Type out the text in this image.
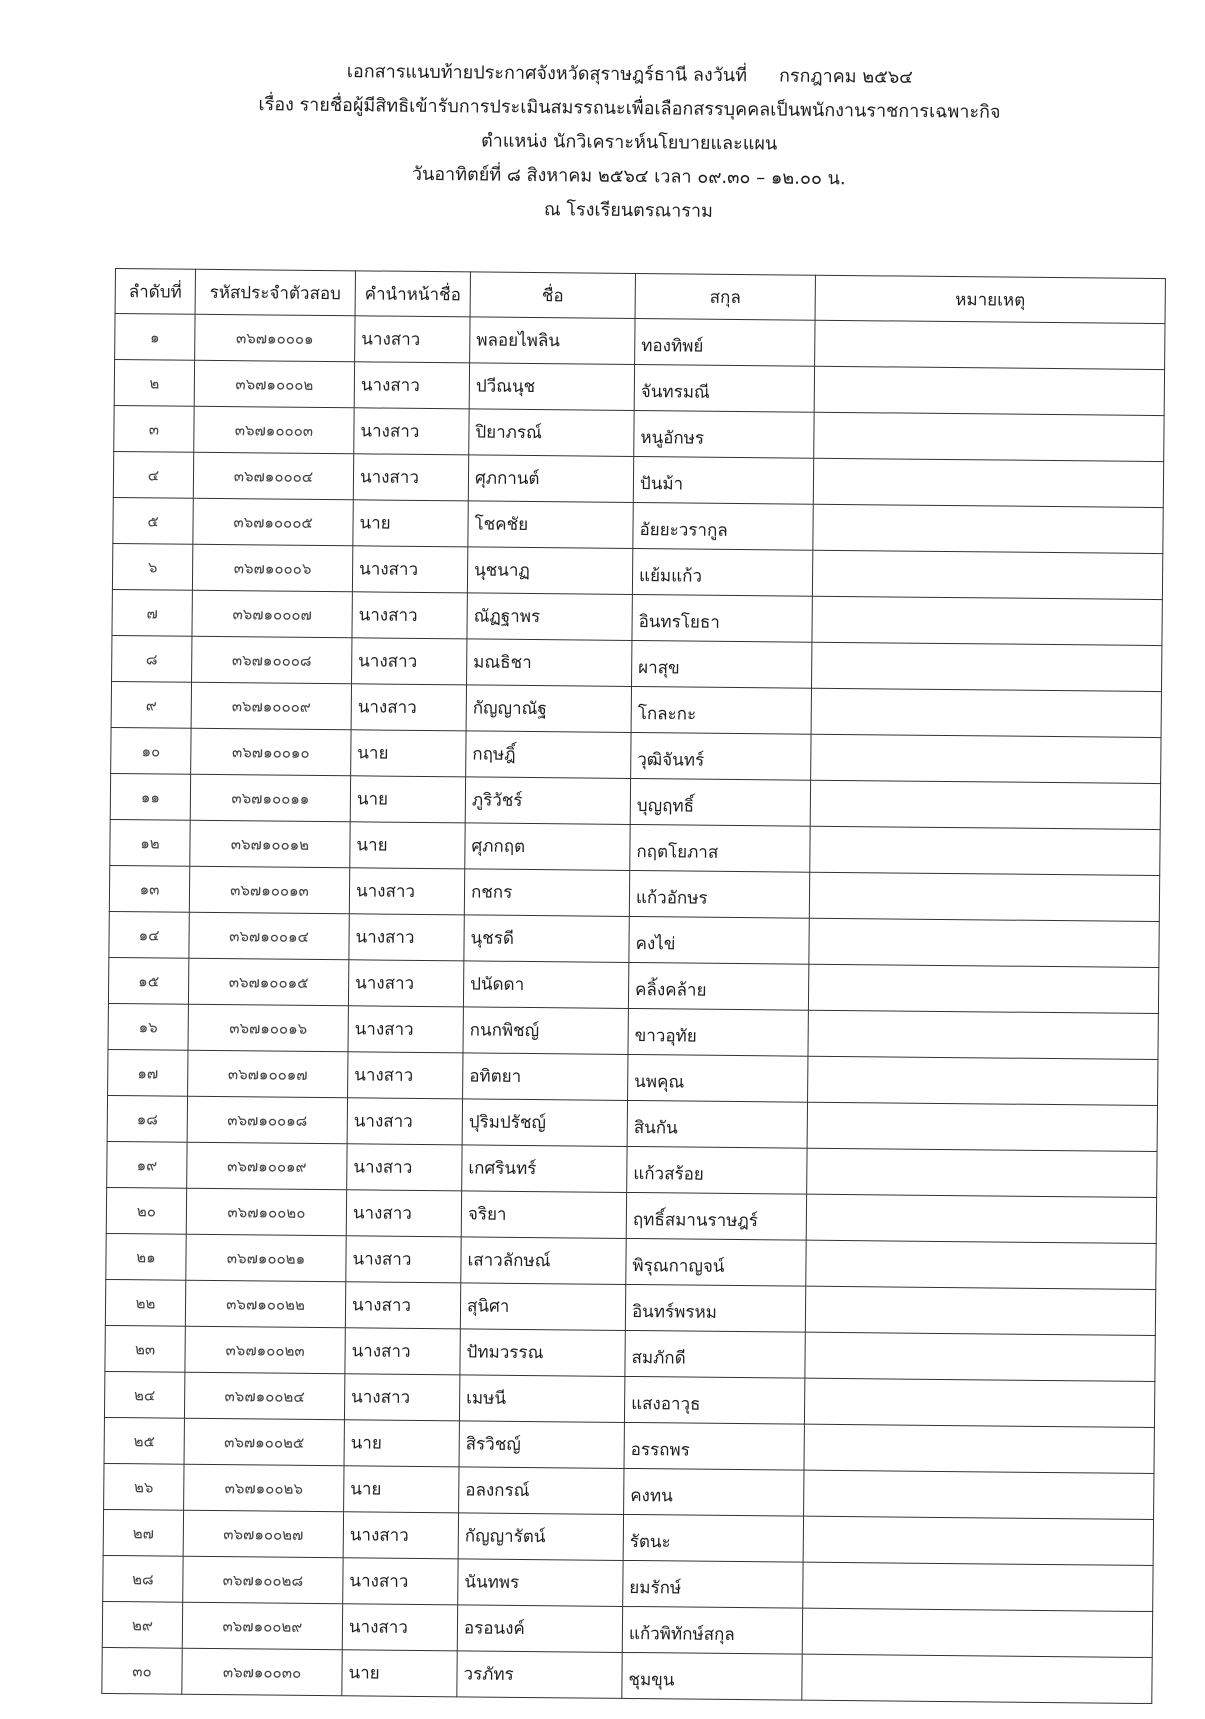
เอกสารแนบท้ายประกาศจังหวัดสุราษฎร์ธานี ลงวันที่ กรกฎาคม ๒๕๖๔
เรื่อง รายชื่อผู้มีสิทธิเข้ารับการประเมินสมรรถนะเพื่อเลือกสรรบุคคลเป็นพนักงานราชการเฉพาะกิจ
ตำแหน่ง นักวิเคราะห์นโยบายและแผน
วันอาทิตย์ที่ ๘ สิงหาคม ๒๕๖๔ เวลา ๐๙.๓๐ – ๑๒.๐๐ น.
ณ โรงเรียนตรณาราม
ลำดับที่	รหัสประจำตัวสอบ	คำนำหน้าชื่อ	ชื่อ	สกุล	หมายเหตุ
๑	๓๖๗๑๐๐๐๑	นางสาว	พลอยไพลิน	ทองทิพย์	
๒	๓๖๗๑๐๐๐๒	นางสาว	ปวีณนุช	จันทรมณี	
๓	๓๖๗๑๐๐๐๓	นางสาว	ปิยาภรณ์	หนูอักษร	
๔	๓๖๗๑๐๐๐๔	นางสาว	ศุภกานต์	ปันม้า	
๕	๓๖๗๑๐๐๐๕	นาย	โชคชัย	อัยยะวรากูล	
๖	๓๖๗๑๐๐๐๖	นางสาว	นุชนาฏ	แย้มแก้ว	
๗	๓๖๗๑๐๐๐๗	นางสาว	ณัฏฐาพร	อินทรโยธา	
๘	๓๖๗๑๐๐๐๘	นางสาว	มณธิชา	ผาสุข	
๙	๓๖๗๑๐๐๐๙	นางสาว	กัญญาณัฐ	โกละกะ	
๑๐	๓๖๗๑๐๐๑๐	นาย	กฤษฎิ์	วุฒิจันทร์	
๑๑	๓๖๗๑๐๐๑๑	นาย	ภูริวัชร์	บุญฤทธิ์	
๑๒	๓๖๗๑๐๐๑๒	นาย	ศุภกฤต	กฤตโยภาส	
๑๓	๓๖๗๑๐๐๑๓	นางสาว	กชกร	แก้วอักษร	
๑๔	๓๖๗๑๐๐๑๔	นางสาว	นุชรดี	คงไข่	
๑๕	๓๖๗๑๐๐๑๕	นางสาว	ปนัดดา	คลิ้งคล้าย	
๑๖	๓๖๗๑๐๐๑๖	นางสาว	กนกพิชญ์	ขาวอุทัย	
๑๗	๓๖๗๑๐๐๑๗	นางสาว	อทิตยา	นพคุณ	
๑๘	๓๖๗๑๐๐๑๘	นางสาว	ปุริมปรัชญ์	สินกัน	
๑๙	๓๖๗๑๐๐๑๙	นางสาว	เกศรินทร์	แก้วสร้อย	
๒๐	๓๖๗๑๐๐๒๐	นางสาว	จริยา	ฤทธิ์สมานราษฎร์	
๒๑	๓๖๗๑๐๐๒๑	นางสาว	เสาวลักษณ์	พิรุณกาญจน์	
๒๒	๓๖๗๑๐๐๒๒	นางสาว	สุนิศา	อินทร์พรหม	
๒๓	๓๖๗๑๐๐๒๓	นางสาว	ปัทมวรรณ	สมภักดี	
๒๔	๓๖๗๑๐๐๒๔	นางสาว	เมษนี	แสงอาวุธ	
๒๕	๓๖๗๑๐๐๒๕	นาย	สิรวิชญ์	อรรถพร	
๒๖	๓๖๗๑๐๐๒๖	นาย	อลงกรณ์	คงทน	
๒๗	๓๖๗๑๐๐๒๗	นางสาว	กัญญารัตน์	รัตนะ	
๒๘	๓๖๗๑๐๐๒๘	นางสาว	นันทพร	ยมรักษ์	
๒๙	๓๖๗๑๐๐๒๙	นางสาว	อรอนงค์	แก้วพิทักษ์สกุล	
๓๐	๓๖๗๑๐๐๓๐	นาย	วรภัทร	ชุมขุน	
